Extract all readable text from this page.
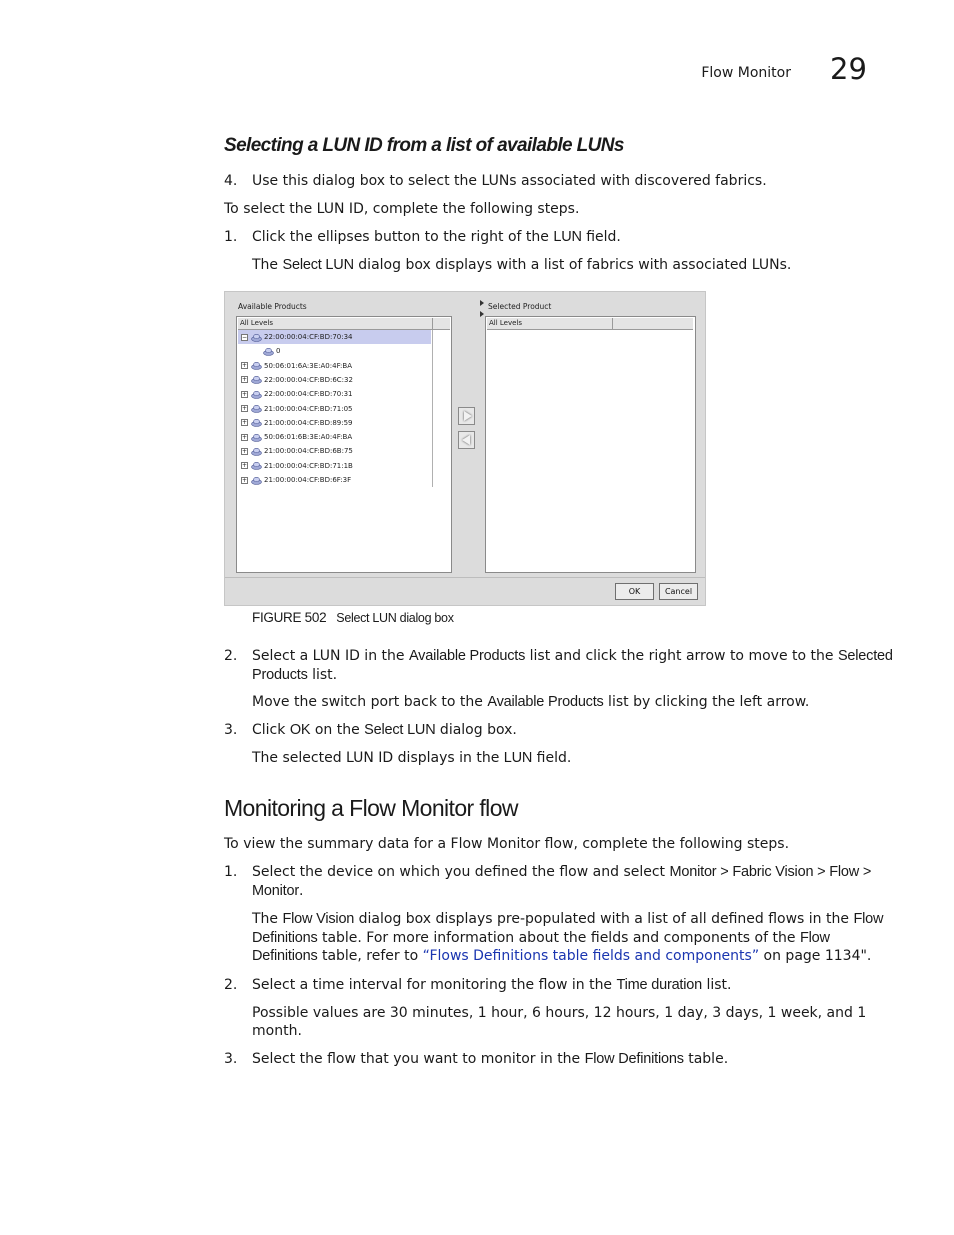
Flow Monitor 29
Selecting a LUN ID from a list of available LUNs
4. Use this dialog box to select the LUNs associated with discovered fabrics.
To select the LUN ID, complete the following steps.
1. Click the ellipses button to the right of the LUN field.
The Select LUN dialog box displays with a list of fabrics with associated LUNs.
Available Products
All Levels
− 22:00:00:04:CF:BD:70:34
0
+ 50:06:01:6A:3E:A0:4F:BA
+ 22:00:00:04:CF:BD:6C:32
+ 22:00:00:04:CF:BD:70:31
+ 21:00:00:04:CF:BD:71:05
+ 21:00:00:04:CF:BD:89:59
+ 50:06:01:6B:3E:A0:4F:BA
+ 21:00:00:04:CF:BD:6B:75
+ 21:00:00:04:CF:BD:71:1B
+ 21:00:00:04:CF:BD:6F:3F
Selected Product
All Levels
OK	Cancel
FIGURE 502 Select LUN dialog box
2. Select a LUN ID in the Available Products list and click the right arrow to move to the Selected
Products list.
Move the switch port back to the Available Products list by clicking the left arrow.
3. Click OK on the Select LUN dialog box.
The selected LUN ID displays in the LUN field.
Monitoring a Flow Monitor flow
To view the summary data for a Flow Monitor flow, complete the following steps.
1. Select the device on which you defined the flow and select Monitor > Fabric Vision > Flow >
Monitor.
The Flow Vision dialog box displays pre-populated with a list of all defined flows in the Flow
Definitions table. For more information about the fields and components of the Flow
Definitions table, refer to “Flows Definitions table fields and components” on page 1134".
2. Select a time interval for monitoring the flow in the Time duration list.
Possible values are 30 minutes, 1 hour, 6 hours, 12 hours, 1 day, 3 days, 1 week, and 1
month.
3. Select the flow that you want to monitor in the Flow Definitions table.
